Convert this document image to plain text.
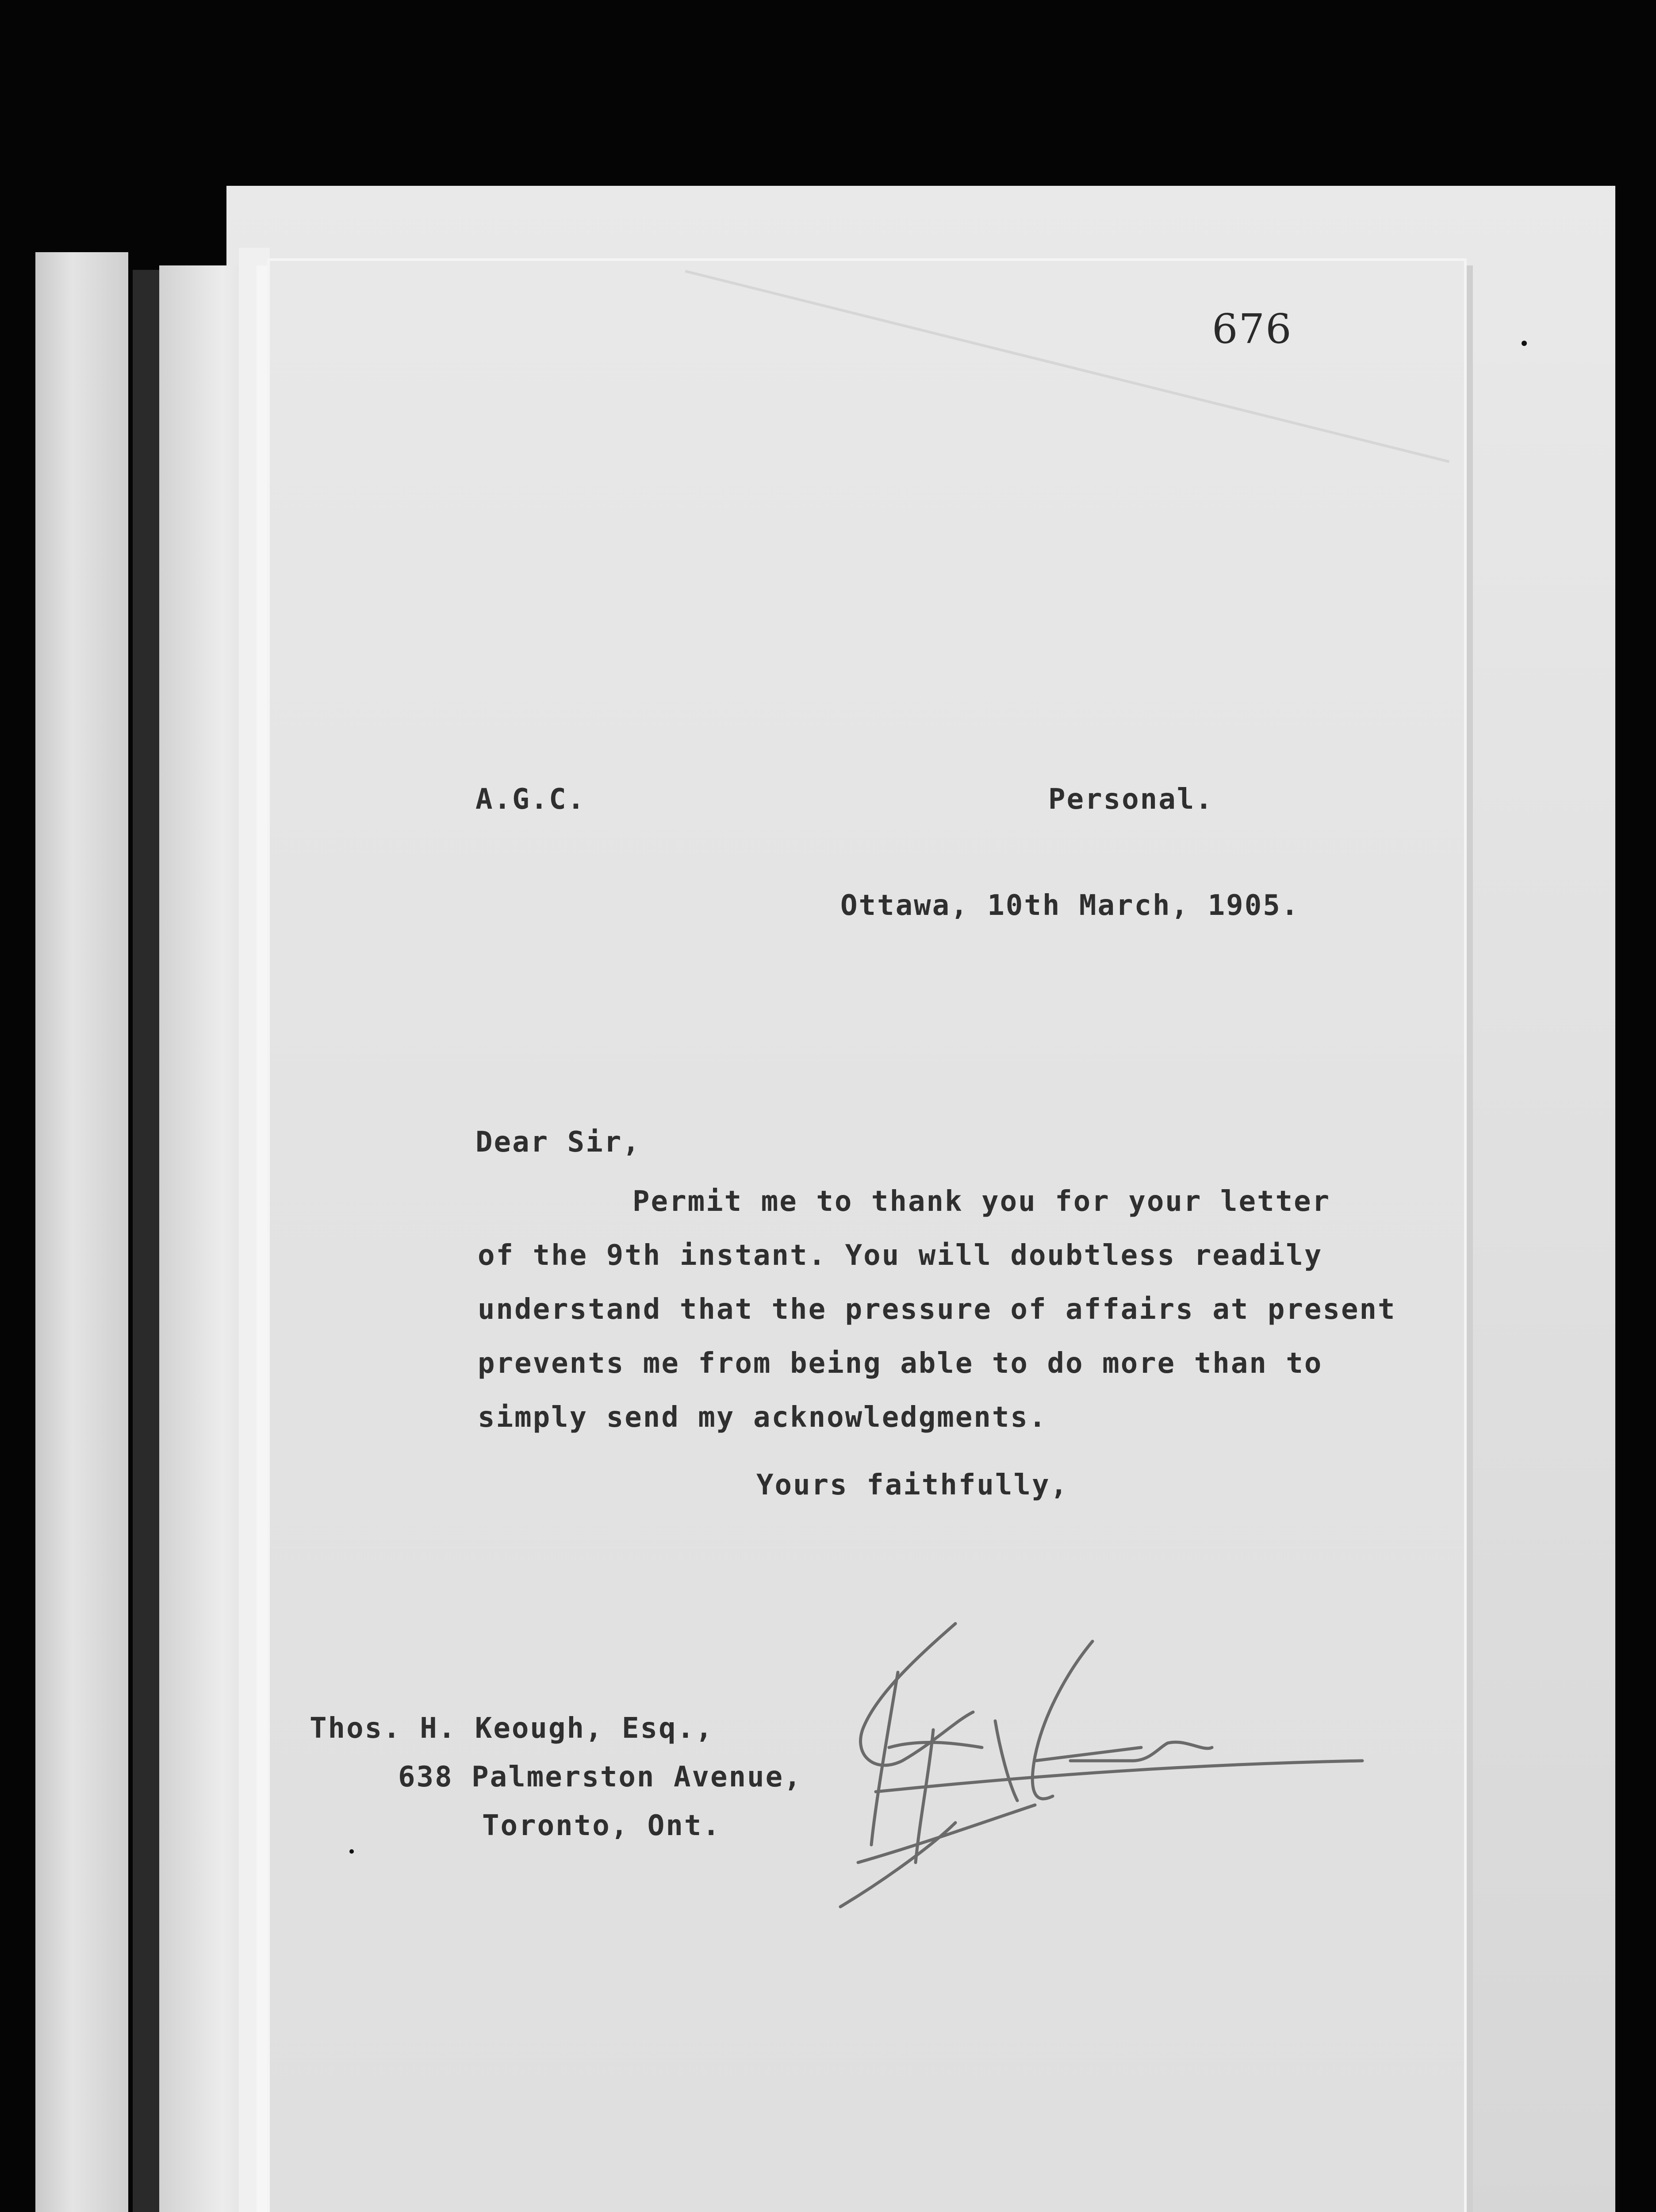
676
A.G.C.	Personal.
Ottawa, 10th March, 1905.
Dear Sir,
Permit me to thank you for your letter
of the 9th instant. You will doubtless readily
understand that the pressure of affairs at present
prevents me from being able to do more than to
simply send my acknowledgments.
Yours faithfully,
Thos. H. Keough, Esq.,
638 Palmerston Avenue,
Toronto, Ont.
